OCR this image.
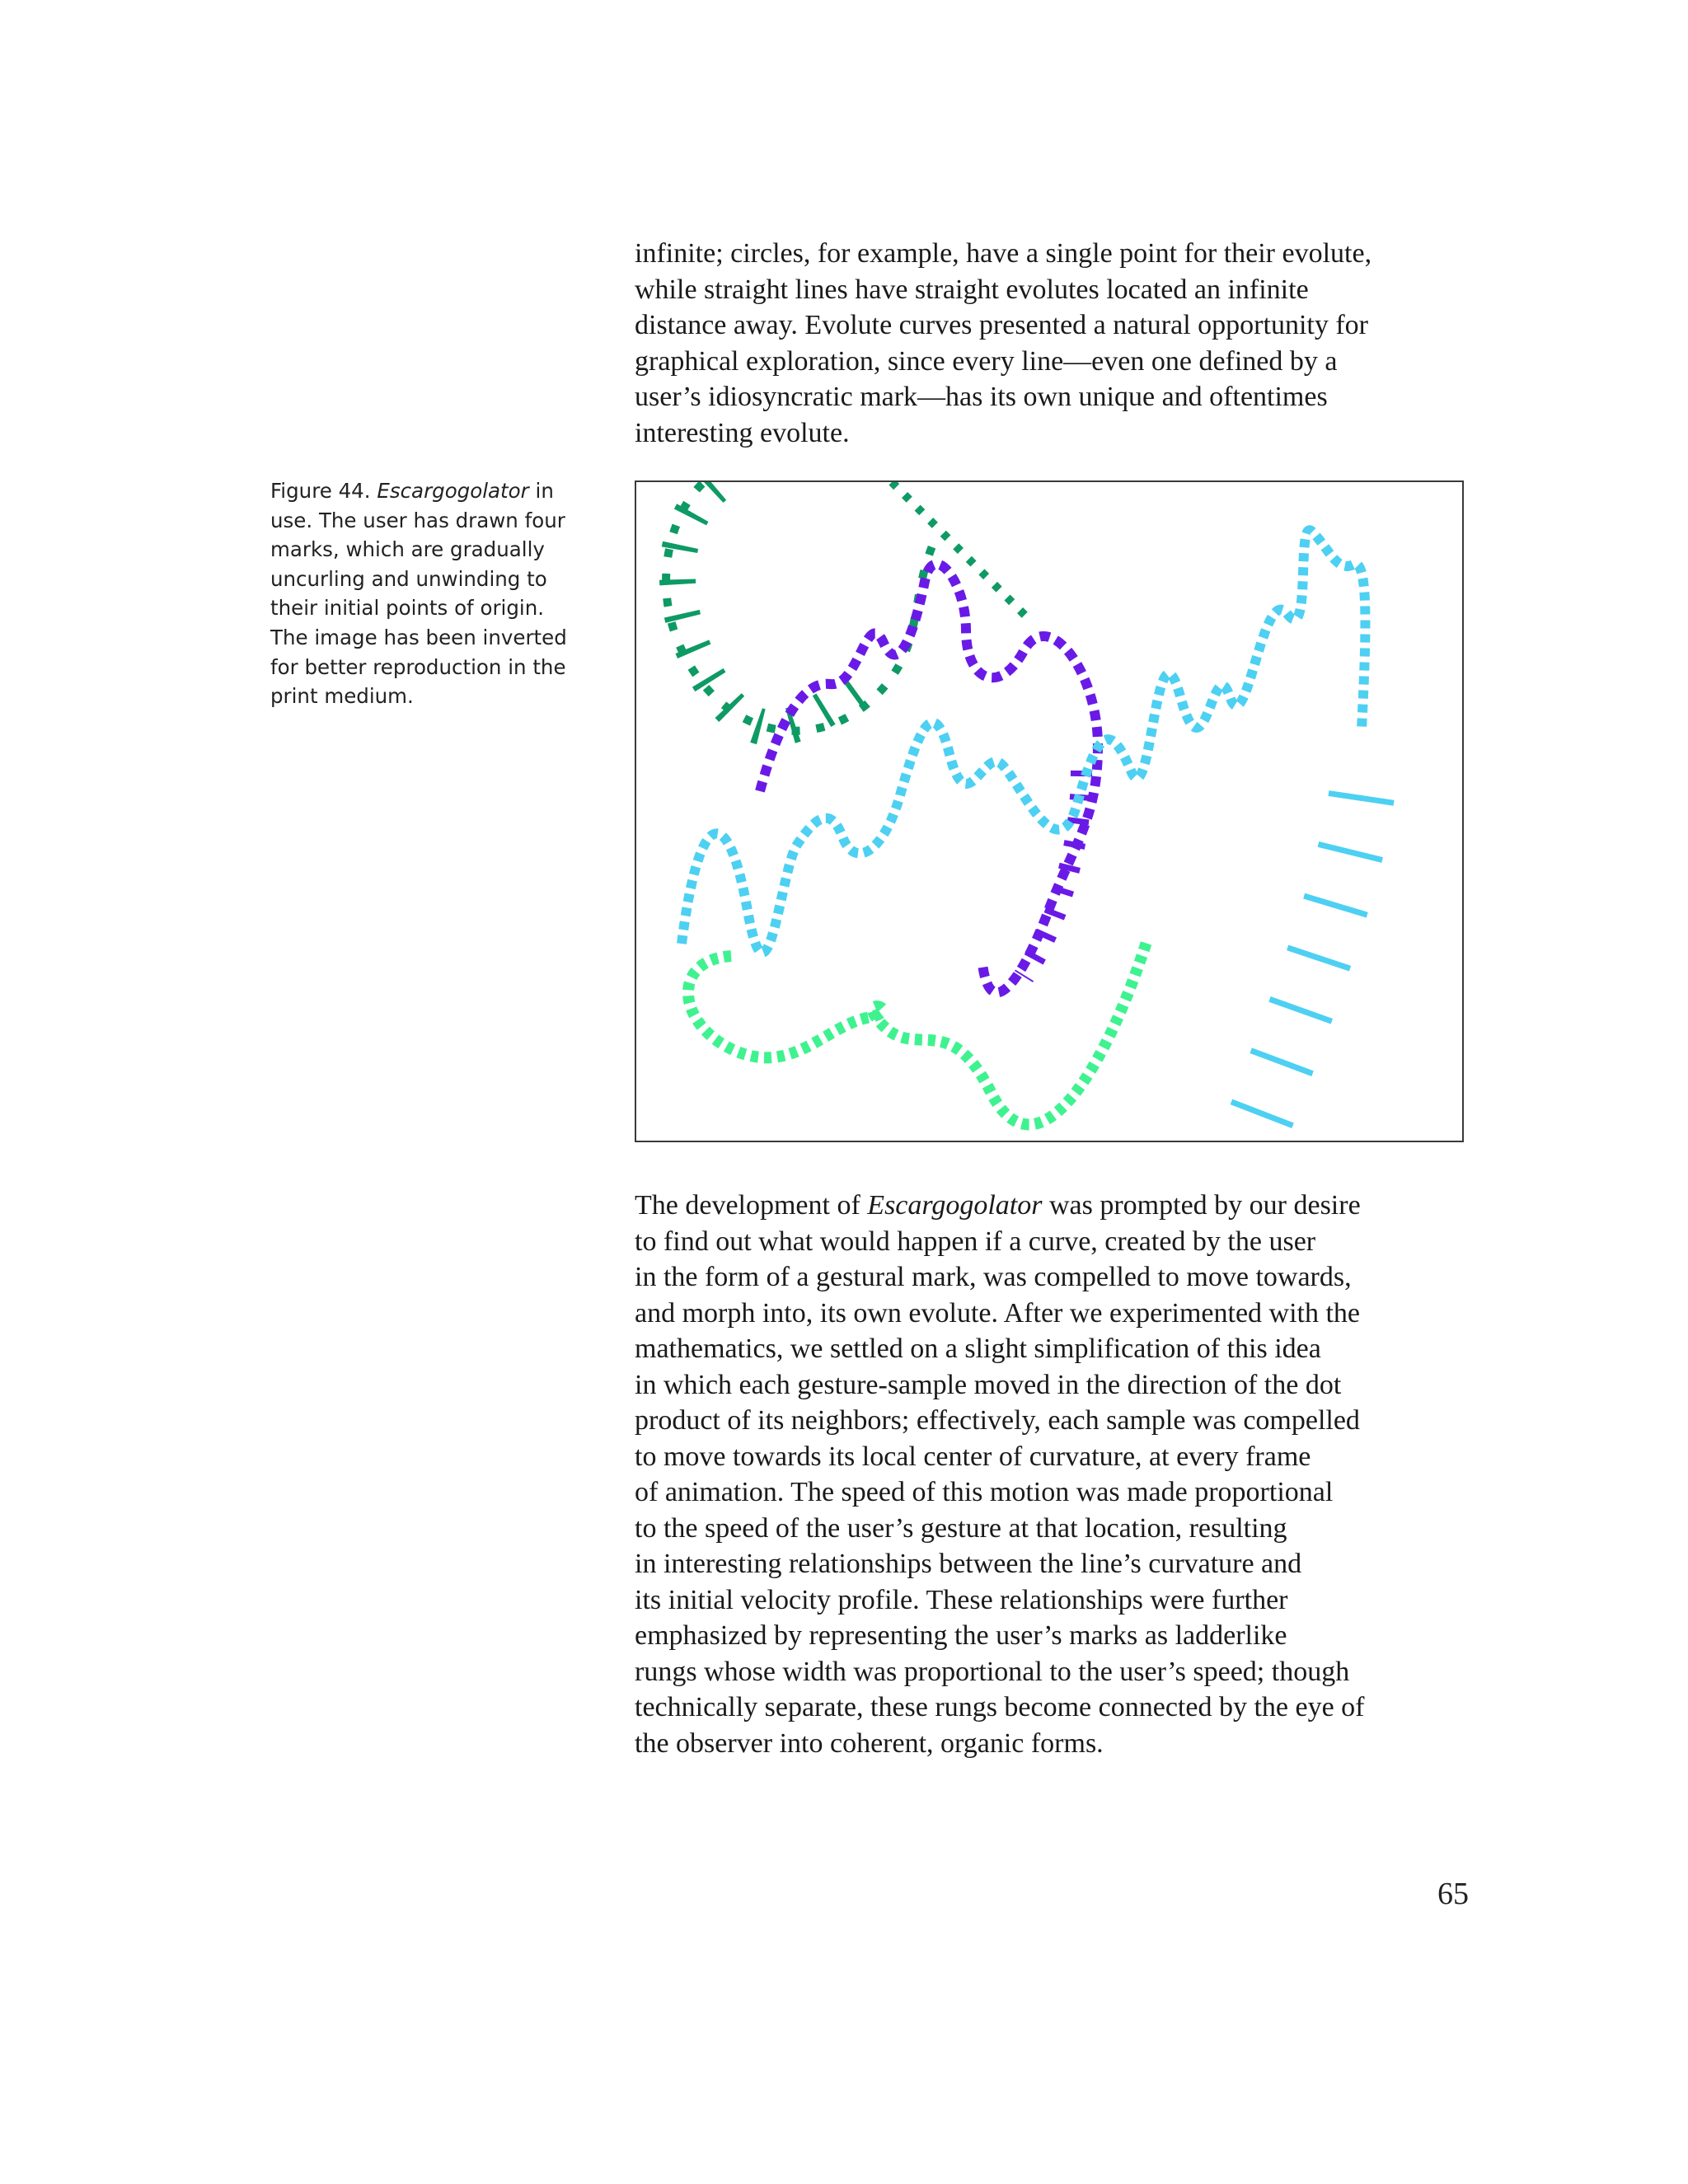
infinite; circles, for example, have a single point for their evolute,
while straight lines have straight evolutes located an infinite
distance away. Evolute curves presented a natural opportunity for
graphical exploration, since every line—even one defined by a
user’s idiosyncratic mark—has its own unique and oftentimes
interesting evolute.

Figure 44. Escargogolator in
use. The user has drawn four
marks, which are gradually
uncurling and unwinding to
their initial points of origin.
The image has been inverted
for better reproduction in the
print medium.

The development of Escargogolator was prompted by our desire
to find out what would happen if a curve, created by the user
in the form of a gestural mark, was compelled to move towards,
and morph into, its own evolute. After we experimented with the
mathematics, we settled on a slight simplification of this idea
in which each gesture-sample moved in the direction of the dot
product of its neighbors; effectively, each sample was compelled
to move towards its local center of curvature, at every frame
of animation. The speed of this motion was made proportional
to the speed of the user’s gesture at that location, resulting
in interesting relationships between the line’s curvature and
its initial velocity profile. These relationships were further
emphasized by representing the user’s marks as ladderlike
rungs whose width was proportional to the user’s speed; though
technically separate, these rungs become connected by the eye of
the observer into coherent, organic forms.

65
